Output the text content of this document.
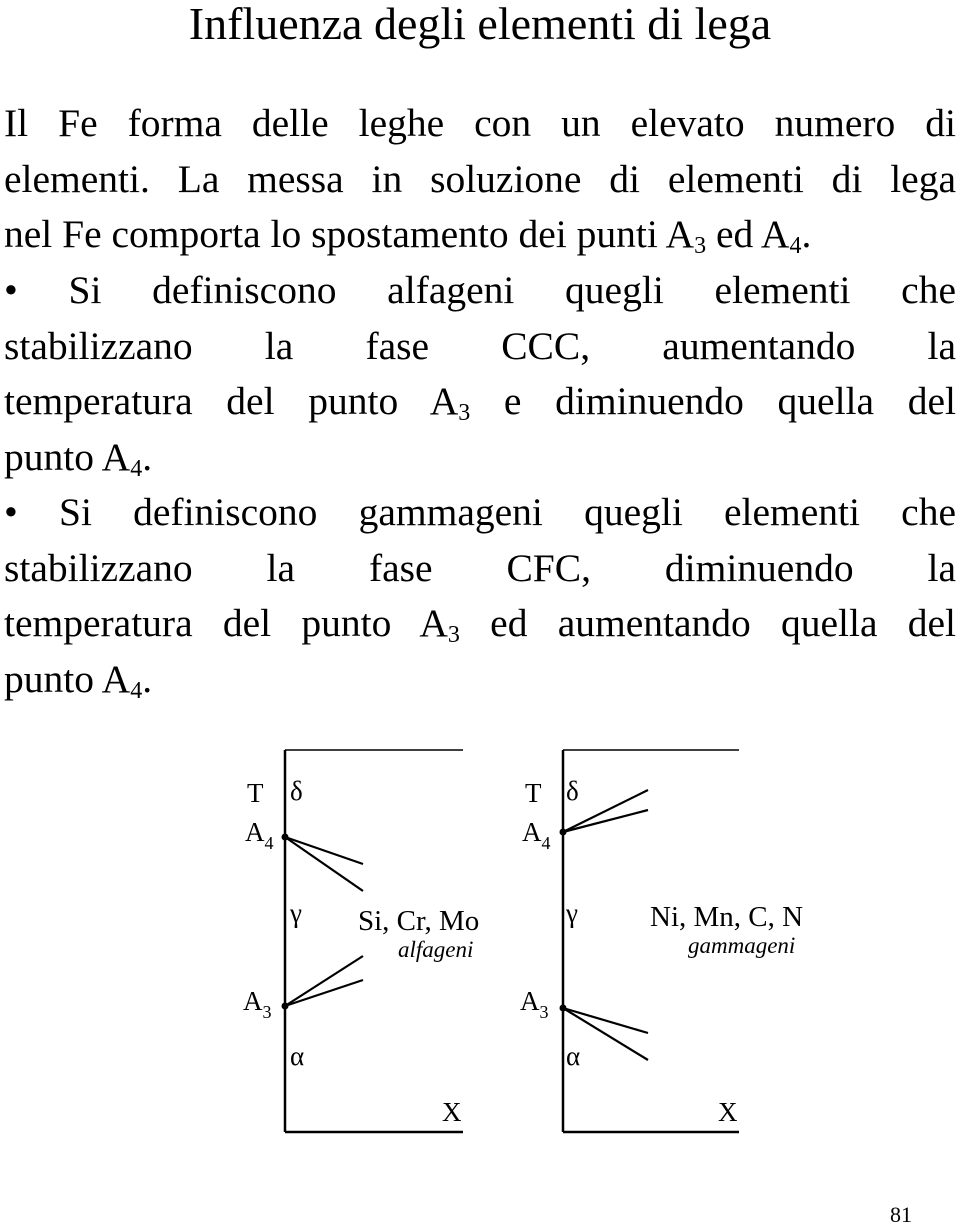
Influenza degli elementi di lega
Il Fe forma delle leghe con un elevato numero di
elementi. La messa in soluzione di elementi di lega
nel Fe comporta lo spostamento dei punti $A_3$ ed $A_4$.
• Si definiscono alfageni quegli elementi che
stabilizzano la fase CCC, aumentando la
temperatura del punto $A_3$ e diminuendo quella del
punto $A_4$.
• Si definiscono gammageni quegli elementi che
stabilizzano la fase CFC, diminuendo la
temperatura del punto $A_3$ ed aumentando quella del
punto $A_4$.
T δ
$A_4$
γ Si, Cr, Mo
alfageni
$A_3$
α
X
T δ
$A_4$
γ Ni, Mn, C, N
gammageni
$A_3$
α
X
81
